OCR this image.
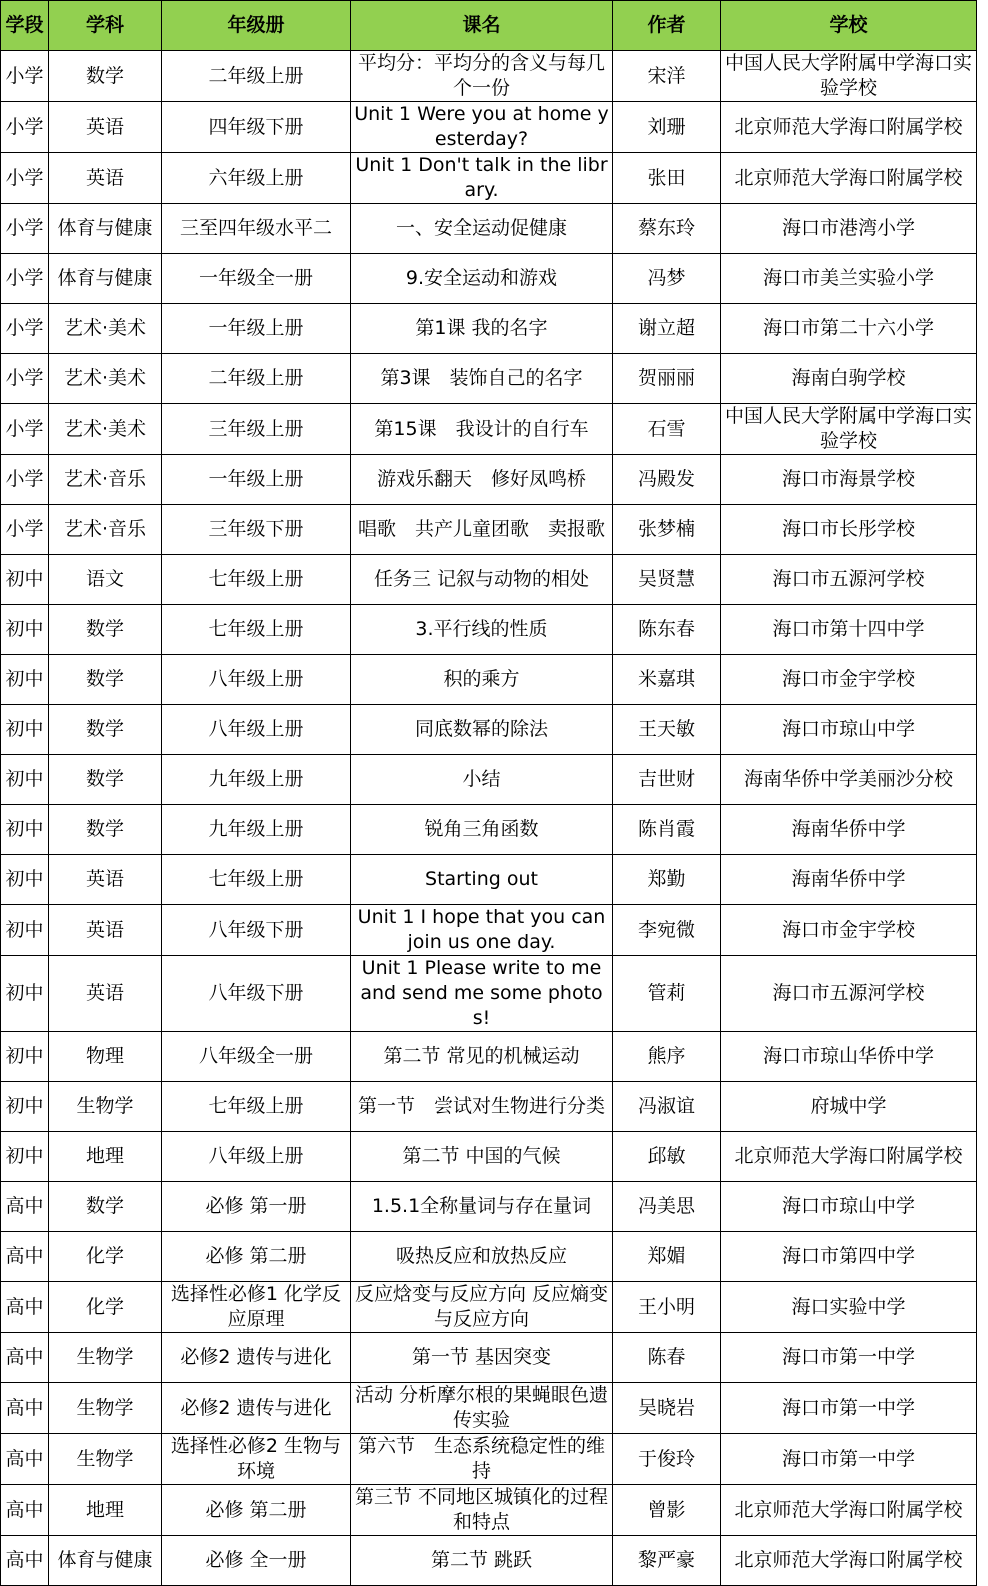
学段	学科	年级册	课名	作者	学校
小学	数学	二年级上册	平均分：平均分的含义与每几个一份	宋洋	中国人民大学附属中学海口实验学校
小学	英语	四年级下册	Unit 1 Were you at home yesterday?	刘珊	北京师范大学海口附属学校
小学	英语	六年级上册	Unit 1 Don't talk in the library.	张田	北京师范大学海口附属学校
小学	体育与健康	三至四年级水平二	一、安全运动促健康	蔡东玲	海口市港湾小学
小学	体育与健康	一年级全一册	9.安全运动和游戏	冯梦	海口市美兰实验小学
小学	艺术·美术	一年级上册	第1课 我的名字	谢立超	海口市第二十六小学
小学	艺术·美术	二年级上册	第3课　装饰自己的名字	贺丽丽	海南白驹学校
小学	艺术·美术	三年级上册	第15课　我设计的自行车	石雪	中国人民大学附属中学海口实验学校
小学	艺术·音乐	一年级上册	游戏乐翻天　修好凤鸣桥	冯殿发	海口市海景学校
小学	艺术·音乐	三年级下册	唱歌　共产儿童团歌　卖报歌	张梦楠	海口市长彤学校
初中	语文	七年级上册	任务三 记叙与动物的相处	吴贤慧	海口市五源河学校
初中	数学	七年级上册	3.平行线的性质	陈东春	海口市第十四中学
初中	数学	八年级上册	积的乘方	米嘉琪	海口市金宇学校
初中	数学	八年级上册	同底数幂的除法	王天敏	海口市琼山中学
初中	数学	九年级上册	小结	吉世财	海南华侨中学美丽沙分校
初中	数学	九年级上册	锐角三角函数	陈肖霞	海南华侨中学
初中	英语	七年级上册	Starting out	郑勤	海南华侨中学
初中	英语	八年级下册	Unit 1 I hope that you can join us one day.	李宛微	海口市金宇学校
初中	英语	八年级下册	Unit 1 Please write to me and send me some photos!	管莉	海口市五源河学校
初中	物理	八年级全一册	第二节 常见的机械运动	熊序	海口市琼山华侨中学
初中	生物学	七年级上册	第一节　尝试对生物进行分类	冯淑谊	府城中学
初中	地理	八年级上册	第二节 中国的气候	邱敏	北京师范大学海口附属学校
高中	数学	必修 第一册	1.5.1全称量词与存在量词	冯美思	海口市琼山中学
高中	化学	必修 第二册	吸热反应和放热反应	郑媚	海口市第四中学
高中	化学	选择性必修1 化学反应原理	反应焓变与反应方向 反应熵变与反应方向	王小明	海口实验中学
高中	生物学	必修2 遗传与进化	第一节 基因突变	陈春	海口市第一中学
高中	生物学	必修2 遗传与进化	活动 分析摩尔根的果蝇眼色遗传实验	吴晓岩	海口市第一中学
高中	生物学	选择性必修2 生物与环境	第六节　生态系统稳定性的维持	于俊玲	海口市第一中学
高中	地理	必修 第二册	第三节 不同地区城镇化的过程和特点	曾影	北京师范大学海口附属学校
高中	体育与健康	必修 全一册	第二节 跳跃	黎严豪	北京师范大学海口附属学校
